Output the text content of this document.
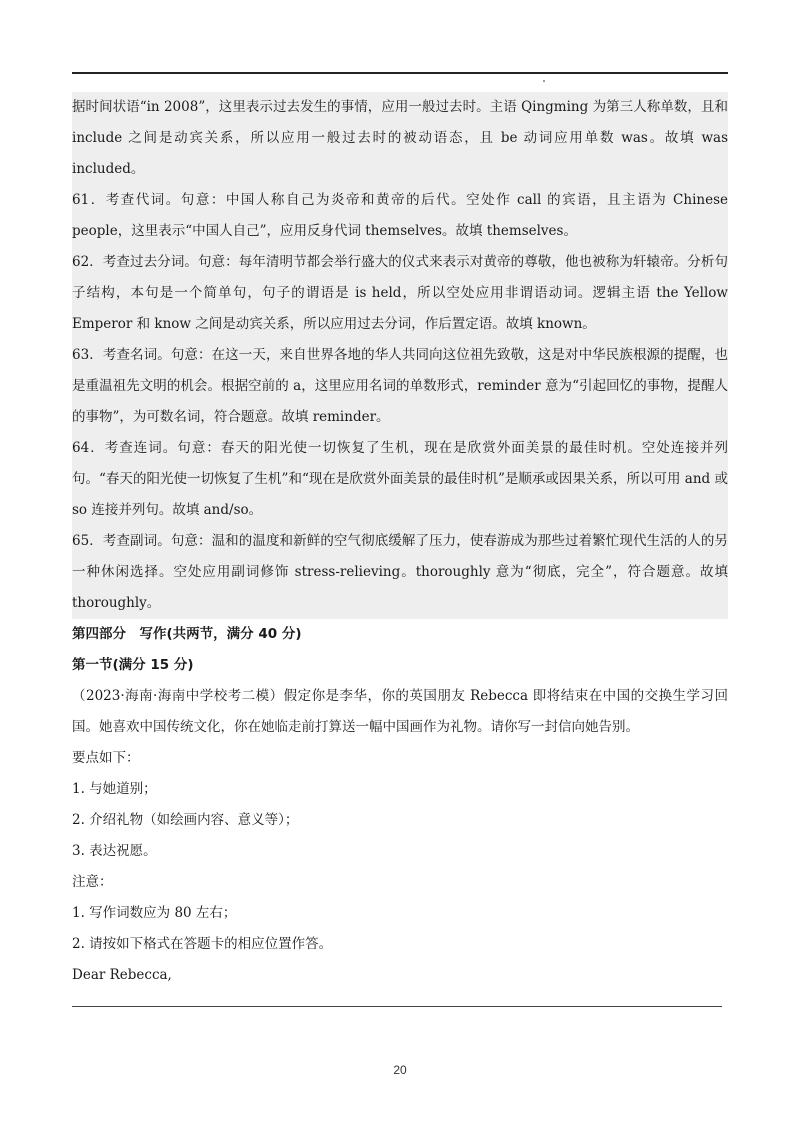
据时间状语“in 2008”，这里表示过去发生的事情，应用一般过去时。主语 Qingming 为第三人称单数，且和 include 之间是动宾关系，所以应用一般过去时的被动语态，且 be 动词应用单数 was。故填 was included。

61．考查代词。句意：中国人称自己为炎帝和黄帝的后代。空处作 call 的宾语，且主语为 Chinese people，这里表示“中国人自己”，应用反身代词 themselves。故填 themselves。

62．考查过去分词。句意：每年清明节都会举行盛大的仪式来表示对黄帝的尊敬，他也被称为轩辕帝。分析句子结构，本句是一个简单句，句子的谓语是 is held，所以空处应用非谓语动词。逻辑主语 the Yellow Emperor 和 know 之间是动宾关系，所以应用过去分词，作后置定语。故填 known。

63．考查名词。句意：在这一天，来自世界各地的华人共同向这位祖先致敬，这是对中华民族根源的提醒，也是重温祖先文明的机会。根据空前的 a，这里应用名词的单数形式，reminder 意为“引起回忆的事物，提醒人的事物”，为可数名词，符合题意。故填 reminder。

64．考查连词。句意：春天的阳光使一切恢复了生机，现在是欣赏外面美景的最佳时机。空处连接并列句。“春天的阳光使一切恢复了生机”和“现在是欣赏外面美景的最佳时机”是顺承或因果关系，所以可用 and 或 so 连接并列句。故填 and/so。

65．考查副词。句意：温和的温度和新鲜的空气彻底缓解了压力，使春游成为那些过着繁忙现代生活的人的另一种休闲选择。空处应用副词修饰 stress-relieving。thoroughly 意为“彻底，完全”，符合题意。故填 thoroughly。

第四部分　写作(共两节，满分 40 分)

第一节(满分 15 分)

（2023·海南·海南中学校考二模）假定你是李华，你的英国朋友 Rebecca 即将结束在中国的交换生学习回国。她喜欢中国传统文化，你在她临走前打算送一幅中国画作为礼物。请你写一封信向她告别。

要点如下：

1. 与她道别；

2. 介绍礼物（如绘画内容、意义等）；

3. 表达祝愿。

注意：

1. 写作词数应为 80 左右；

2. 请按如下格式在答题卡的相应位置作答。

Dear Rebecca,

20
